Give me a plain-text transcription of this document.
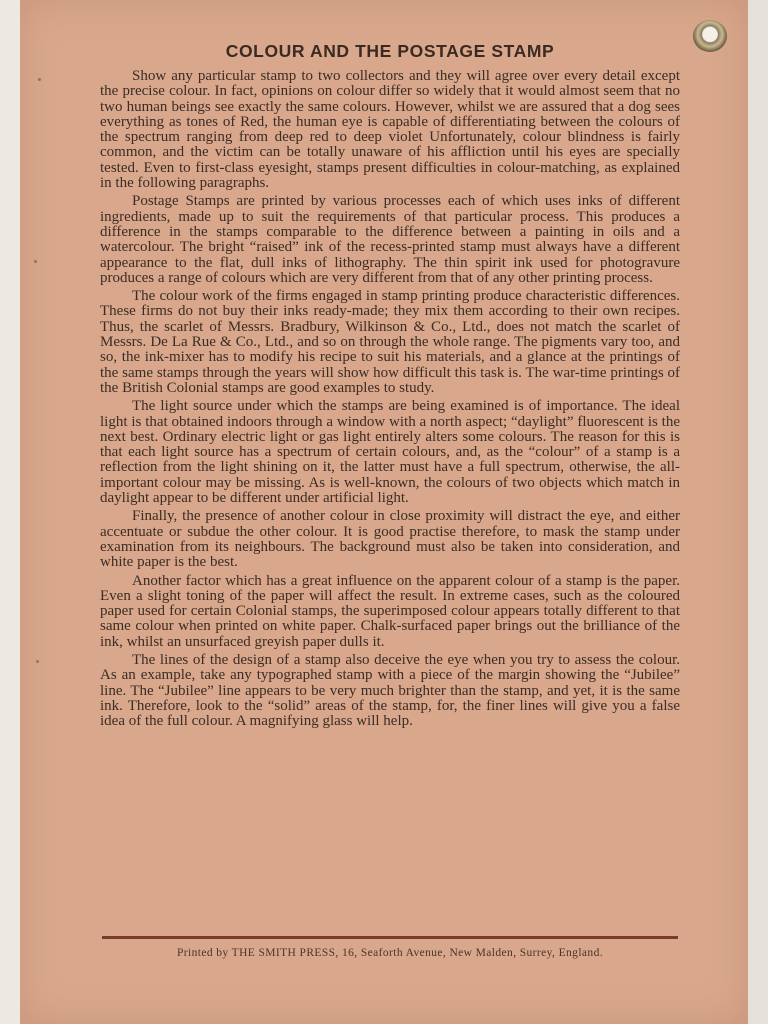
COLOUR AND THE POSTAGE STAMP

Show any particular stamp to two collectors and they will agree over every detail except the precise colour. In fact, opinions on colour differ so widely that it would almost seem that no two human beings see exactly the same colours. However, whilst we are assured that a dog sees everything as tones of Red, the human eye is capable of differentiating between the colours of the spectrum ranging from deep red to deep violet Unfortunately, colour blindness is fairly common, and the victim can be totally unaware of his affliction until his eyes are specially tested. Even to first-class eyesight, stamps present difficulties in colour-matching, as explained in the following paragraphs.

Postage Stamps are printed by various processes each of which uses inks of different ingredients, made up to suit the requirements of that particular process. This produces a difference in the stamps comparable to the difference between a painting in oils and a watercolour. The bright “raised” ink of the recess-printed stamp must always have a different appearance to the flat, dull inks of lithography. The thin spirit ink used for photogravure produces a range of colours which are very different from that of any other printing process.

The colour work of the firms engaged in stamp printing produce characteristic differences. These firms do not buy their inks ready-made; they mix them according to their own recipes. Thus, the scarlet of Messrs. Bradbury, Wilkinson & Co., Ltd., does not match the scarlet of Messrs. De La Rue & Co., Ltd., and so on through the whole range. The pigments vary too, and so, the ink-mixer has to modify his recipe to suit his materials, and a glance at the printings of the same stamps through the years will show how difficult this task is. The war-time printings of the British Colonial stamps are good examples to study.

The light source under which the stamps are being examined is of importance. The ideal light is that obtained indoors through a window with a north aspect; “daylight” fluorescent is the next best. Ordinary electric light or gas light entirely alters some colours. The reason for this is that each light source has a spectrum of certain colours, and, as the “colour” of a stamp is a reflection from the light shining on it, the latter must have a full spectrum, otherwise, the all-important colour may be missing. As is well-known, the colours of two objects which match in daylight appear to be different under artificial light.

Finally, the presence of another colour in close proximity will distract the eye, and either accentuate or subdue the other colour. It is good practise therefore, to mask the stamp under examination from its neighbours. The background must also be taken into consideration, and white paper is the best.

Another factor which has a great influence on the apparent colour of a stamp is the paper. Even a slight toning of the paper will affect the result. In extreme cases, such as the coloured paper used for certain Colonial stamps, the superimposed colour appears totally different to that same colour when printed on white paper. Chalk-surfaced paper brings out the brilliance of the ink, whilst an unsurfaced greyish paper dulls it.

The lines of the design of a stamp also deceive the eye when you try to assess the colour. As an example, take any typographed stamp with a piece of the margin showing the “Jubilee” line. The “Jubilee” line appears to be very much brighter than the stamp, and yet, it is the same ink. Therefore, look to the “solid” areas of the stamp, for, the finer lines will give you a false idea of the full colour. A magnifying glass will help.

Printed by THE SMITH PRESS, 16, Seaforth Avenue, New Malden, Surrey, England.
